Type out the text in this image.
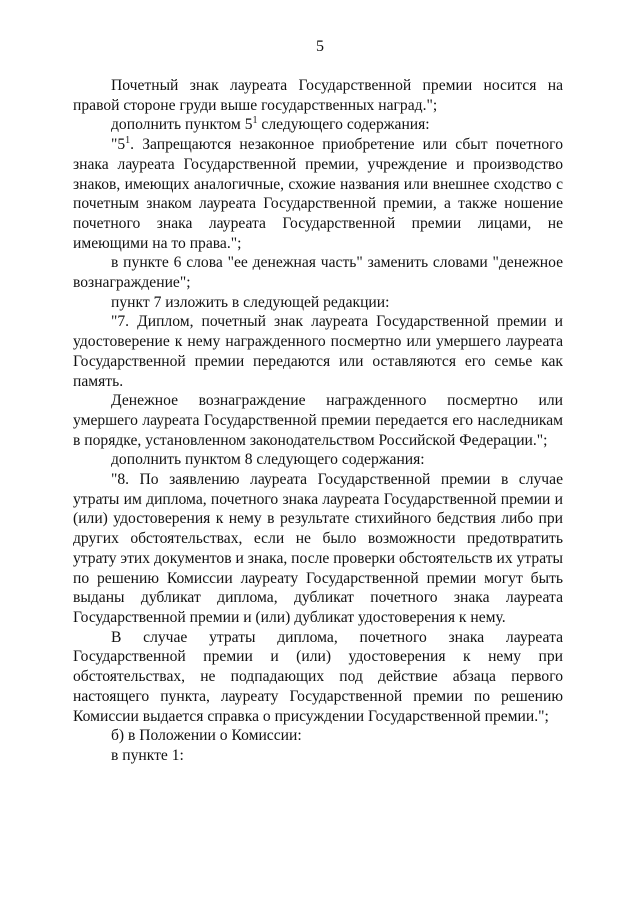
5

Почетный знак лауреата Государственной премии носится на правой стороне груди выше государственных наград.";

дополнить пунктом $5^1$ следующего содержания:

"$5^1$. Запрещаются незаконное приобретение или сбыт почетного знака лауреата Государственной премии, учреждение и производство знаков, имеющих аналогичные, схожие названия или внешнее сходство с почетным знаком лауреата Государственной премии, а также ношение почетного знака лауреата Государственной премии лицами, не имеющими на то права.";

в пункте 6 слова "ее денежная часть" заменить словами "денежное вознаграждение";

пункт 7 изложить в следующей редакции:

"7. Диплом, почетный знак лауреата Государственной премии и удостоверение к нему награжденного посмертно или умершего лауреата Государственной премии передаются или оставляются его семье как память.

Денежное вознаграждение награжденного посмертно или умершего лауреата Государственной премии передается его наследникам в порядке, установленном законодательством Российской Федерации.";

дополнить пунктом 8 следующего содержания:

"8. По заявлению лауреата Государственной премии в случае утраты им диплома, почетного знака лауреата Государственной премии и (или) удостоверения к нему в результате стихийного бедствия либо при других обстоятельствах, если не было возможности предотвратить утрату этих документов и знака, после проверки обстоятельств их утраты по решению Комиссии лауреату Государственной премии могут быть выданы дубликат диплома, дубликат почетного знака лауреата Государственной премии и (или) дубликат удостоверения к нему.

В случае утраты диплома, почетного знака лауреата Государственной премии и (или) удостоверения к нему при обстоятельствах, не подпадающих под действие абзаца первого настоящего пункта, лауреату Государственной премии по решению Комиссии выдается справка о присуждении Государственной премии.";

б) в Положении о Комиссии:

в пункте 1:
